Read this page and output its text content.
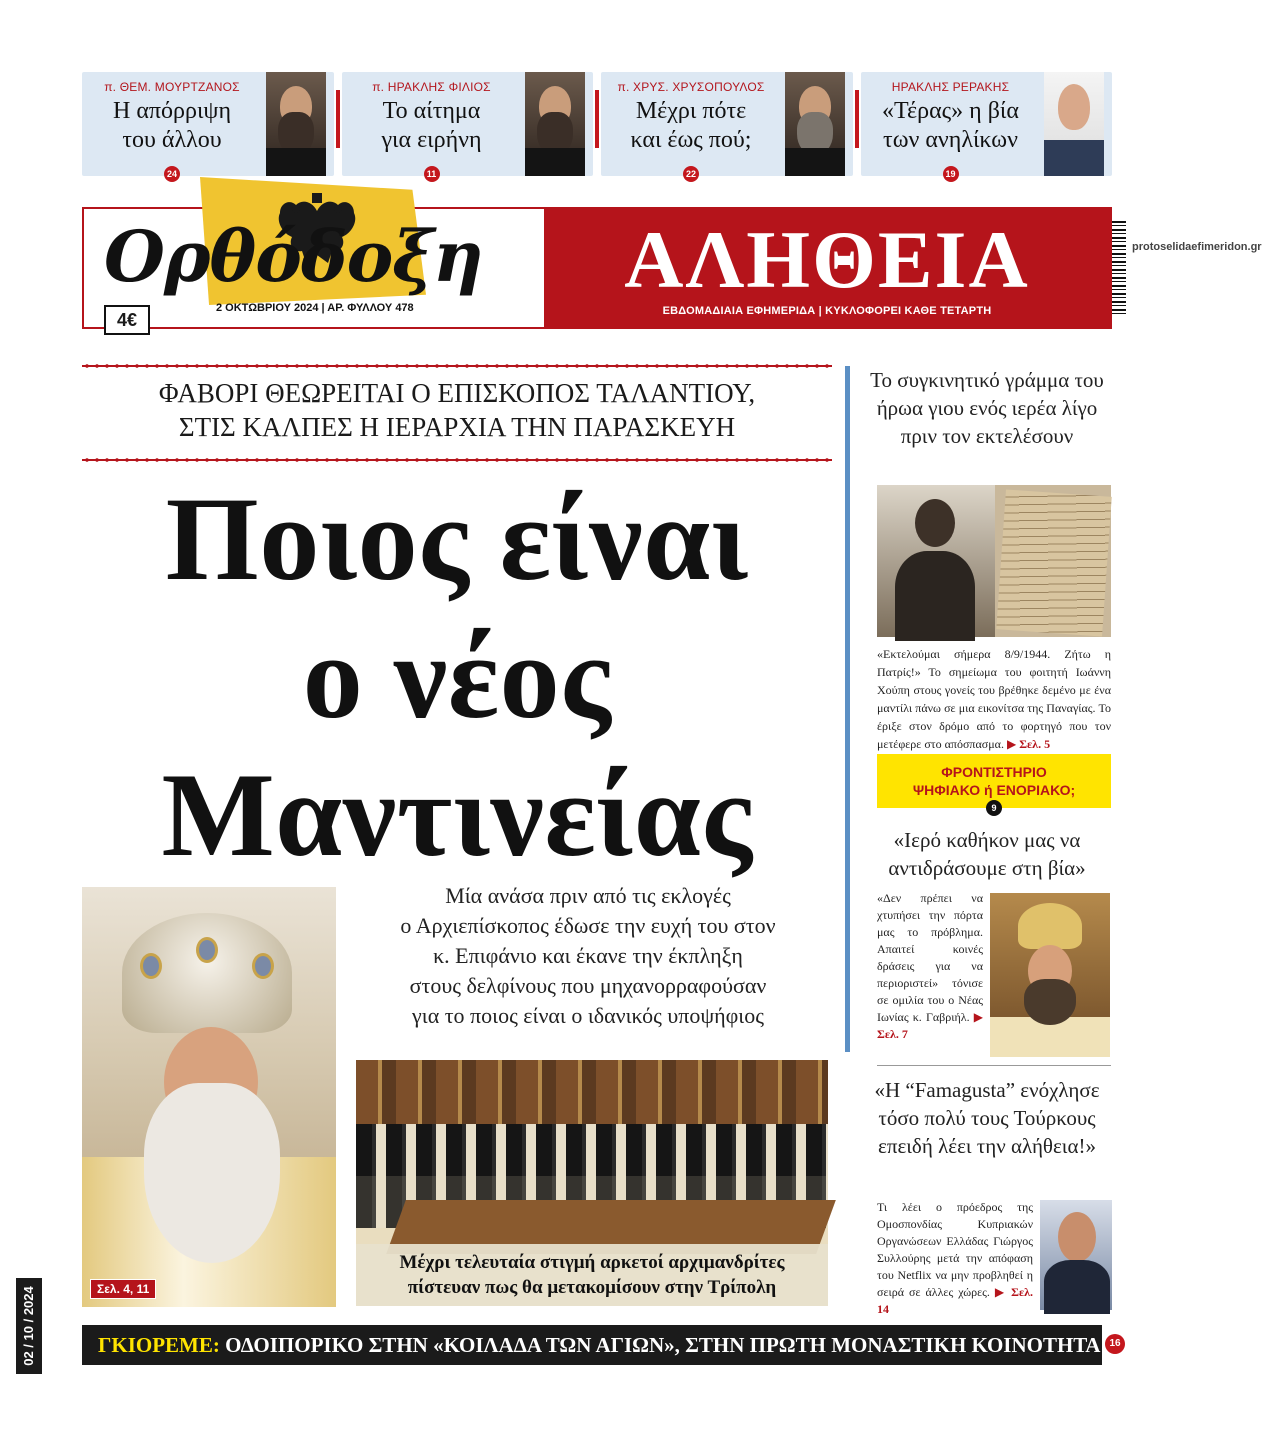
π. ΘΕΜ. ΜΟΥΡΤΖΑΝΟΣ
Η απόρριψη
του άλλου
24
π. ΗΡΑΚΛΗΣ ΦΙΛΙΟΣ
Το αίτημα
για ειρήνη
11
π. ΧΡΥΣ. ΧΡΥΣΟΠΟΥΛΟΣ
Μέχρι πότε
και έως πού;
22
ΗΡΑΚΛΗΣ ΡΕΡΑΚΗΣ
«Τέρας» η βία
των ανηλίκων
19
Ορθόδοξη
2 ΟΚΤΩΒΡΙΟΥ 2024 | ΑΡ. ΦΥΛΛΟΥ 478
4€
ΑΛΗΘΕΙΑ
ΕΒΔΟΜΑΔΙΑΙΑ ΕΦΗΜΕΡΙΔΑ | ΚΥΚΛΟΦΟΡΕΙ ΚΑΘΕ ΤΕΤΑΡΤΗ
protoselidaefimeridon.gr
ΦΑΒΟΡΙ ΘΕΩΡΕΙΤΑΙ Ο ΕΠΙΣΚΟΠΟΣ ΤΑΛΑΝΤΙΟΥ,
ΣΤΙΣ ΚΑΛΠΕΣ Η ΙΕΡΑΡΧΙΑ ΤΗΝ ΠΑΡΑΣΚΕΥΗ
Ποιος είναι
ο νέος
Μαντινείας
Σελ. 4, 11
Μία ανάσα πριν από τις εκλογές
ο Αρχιεπίσκοπος έδωσε την ευχή του στον
κ. Επιφάνιο και έκανε την έκπληξη
στους δελφίνους που μηχανορραφούσαν
για το ποιος είναι ο ιδανικός υποψήφιος
Μέχρι τελευταία στιγμή αρκετοί αρχιμανδρίτες
πίστευαν πως θα μετακομίσουν στην Τρίπολη
Το συγκινητικό γράμμα του ήρωα γιου ενός ιερέα λίγο πριν τον εκτελέσουν
«Εκτελούμαι σήμερα 8/9/1944. Ζήτω η Πατρίς!» Το σημείωμα του φοιτητή Ιωάννη Χούπη στους γονείς του βρέθηκε δεμένο με ένα μαντίλι πάνω σε μια εικονίτσα της Παναγίας. Το έριξε στον δρόμο από το φορτηγό που τον μετέφερε στο απόσπασμα. ▶ Σελ. 5
ΦΡΟΝΤΙΣΤΗΡΙΟ
ΨΗΦΙΑΚΟ ή ΕΝΟΡΙΑΚΟ;
9
«Ιερό καθήκον μας να αντιδράσουμε στη βία»
«Δεν πρέπει να χτυπήσει την πόρτα μας το πρόβλημα. Απαιτεί κοινές δράσεις για να περιοριστεί» τόνισε σε ομιλία του ο Νέας Ιωνίας κ. Γαβριήλ. ▶ Σελ. 7
«Η “Famagusta” ενόχλησε τόσο πολύ τους Τούρκους επειδή λέει την αλήθεια!»
Τι λέει ο πρόεδρος της Ομοσπονδίας Κυπριακών Οργανώσεων Ελλάδας Γιώργος Συλλούρης μετά την απόφαση του Netflix να μην προβληθεί η σειρά σε άλλες χώρες. ▶ Σελ. 14
ΓΚΙΟΡΕΜΕ: ΟΔΟΙΠΟΡΙΚΟ ΣΤΗΝ «ΚΟΙΛΑΔΑ ΤΩΝ ΑΓΙΩΝ», ΣΤΗΝ ΠΡΩΤΗ ΜΟΝΑΣΤΙΚΗ ΚΟΙΝΟΤΗΤΑ 16
02 / 10 / 2024
